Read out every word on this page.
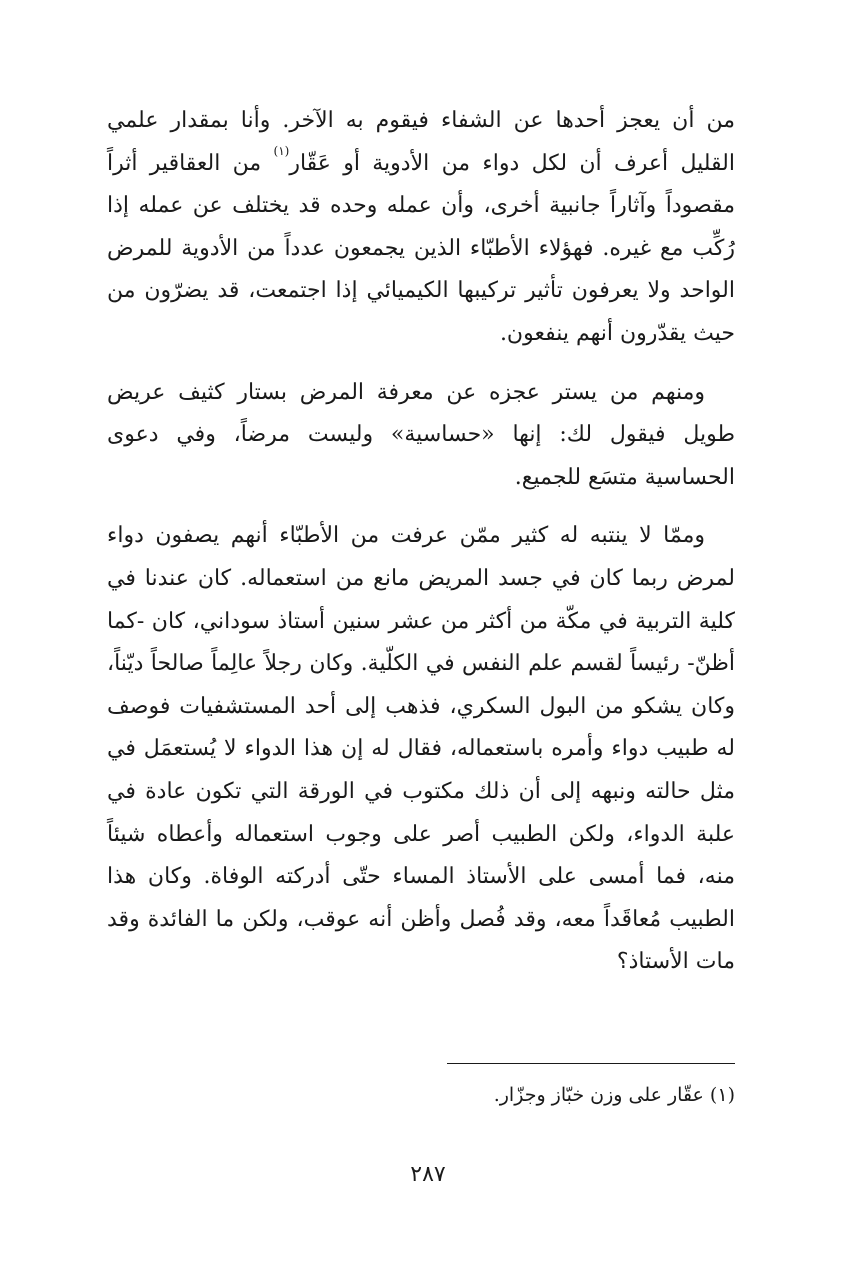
من أن يعجز أحدها عن الشفاء فيقوم به الآخر. وأنا بمقدار علمي القليل أعرف أن لكل دواء من الأدوية أو عَقّار$^{(١)}$ من العقاقير أثراً مقصوداً وآثاراً جانبية أخرى، وأن عمله وحده قد يختلف عن عمله إذا رُكِّب مع غيره. فهؤلاء الأطبّاء الذين يجمعون عدداً من الأدوية للمرض الواحد ولا يعرفون تأثير تركيبها الكيميائي إذا اجتمعت، قد يضرّون من حيث يقدّرون أنهم ينفعون.

ومنهم من يستر عجزه عن معرفة المرض بستار كثيف عريض طويل فيقول لك: إنها «حساسية» وليست مرضاً، وفي دعوى الحساسية متسَع للجميع.

وممّا لا ينتبه له كثير ممّن عرفت من الأطبّاء أنهم يصفون دواء لمرض ربما كان في جسد المريض مانع من استعماله. كان عندنا في كلية التربية في مكّة من أكثر من عشر سنين أستاذ سوداني، كان -كما أظنّ- رئيساً لقسم علم النفس في الكلّية. وكان رجلاً عالِماً صالحاً ديّناً، وكان يشكو من البول السكري، فذهب إلى أحد المستشفيات فوصف له طبيب دواء وأمره باستعماله، فقال له إن هذا الدواء لا يُستعمَل في مثل حالته ونبهه إلى أن ذلك مكتوب في الورقة التي تكون عادة في علبة الدواء، ولكن الطبيب أصر على وجوب استعماله وأعطاه شيئاً منه، فما أمسى على الأستاذ المساء حتّى أدركته الوفاة. وكان هذا الطبيب مُعاقَداً معه، وقد فُصل وأظن أنه عوقب، ولكن ما الفائدة وقد مات الأستاذ؟

(١) عقّار على وزن خبّاز وجزّار.

٢٨٧
